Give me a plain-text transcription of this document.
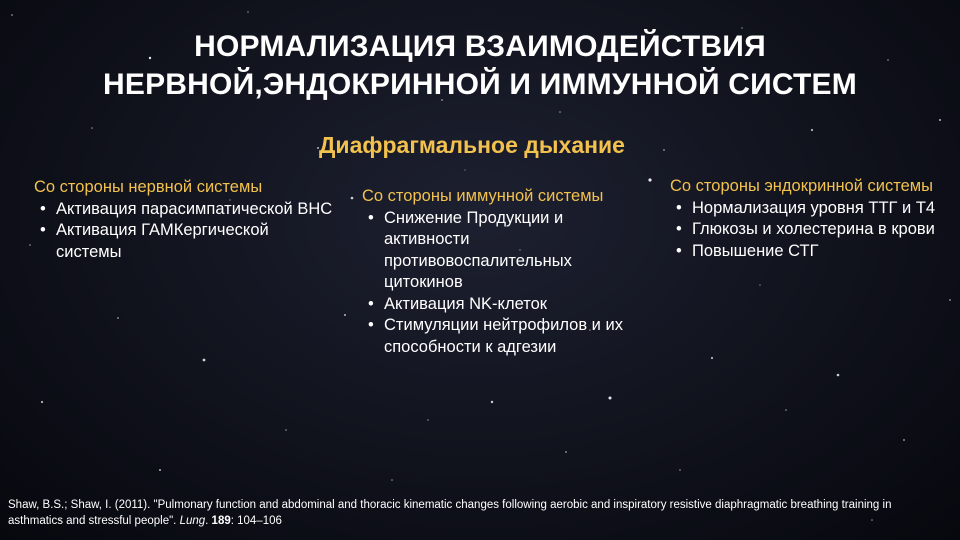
НОРМАЛИЗАЦИЯ ВЗАИМОДЕЙСТВИЯ
НЕРВНОЙ,ЭНДОКРИННОЙ И ИММУННОЙ СИСТЕМ
Диафрагмальное дыхание
Со стороны нервной системы
• Активация парасимпатической ВНС
• Активация ГАМКергической системы
Со стороны иммунной системы
• Снижение Продукции и активности противовоспалительных цитокинов
• Активация NK-клеток
• Стимуляции нейтрофилов и их способности к адгезии
Со стороны эндокринной системы
• Нормализация уровня ТТГ и Т4
• Глюкозы и холестерина в крови
• Повышение СТГ
Shaw, B.S.; Shaw, I. (2011). "Pulmonary function and abdominal and thoracic kinematic changes following aerobic and inspiratory resistive diaphragmatic breathing training in asthmatics and stressful people". Lung. 189: 104–106
